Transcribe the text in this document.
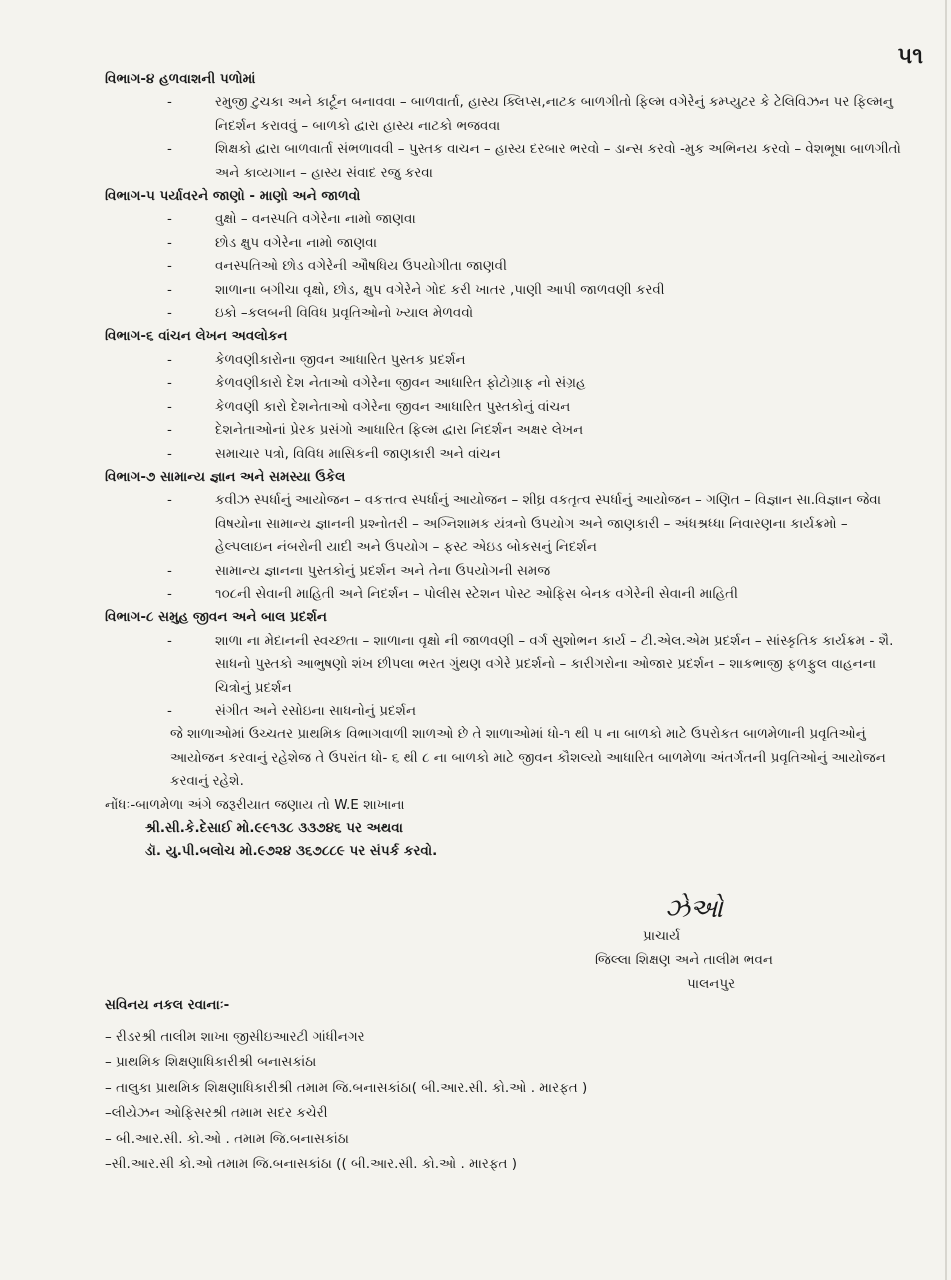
૫૧
વિભાગ-૪ હળવાશની પળોમાં
-	રમુજી ટુચકા અને કાર્ટૂન બનાવવા – બાળવાર્તા, હાસ્ય ક્લિપ્સ,નાટક બાળગીતો ફિલ્મ વગેરેનું કમ્પ્યુટર કે ટેલિવિઝન પર ફિલ્મનુ નિદર્શન કરાવવું – બાળકો દ્વારા હાસ્ય નાટકો ભજવવા
-	શિક્ષકો દ્વારા બાળવાર્તા સંભળાવવી – પુસ્તક વાચન – હાસ્ય દરબાર ભરવો – ડાન્સ કરવો -મુક અભિનય કરવો – વેશભૂષા બાળગીતો અને કાવ્યગાન – હાસ્ય સંવાદ રજુ કરવા
વિભાગ-૫ પર્યાવરને જાણો - માણો અને જાળવો
-	વુક્ષો – વનસ્પતિ વગેરેના નામો જાણવા
-	છોડ ક્ષુપ વગેરેના નામો જાણવા
-	વનસ્પતિઓ છોડ વગેરેની ઔષધિય ઉપયોગીતા જાણવી
-	શાળાના બગીચા વૃક્ષો, છોડ, ક્ષુપ વગેરેને ગોદ કરી ખાતર ,પાણી આપી જાળવણી કરવી
-	ઇકો –કલબની વિવિધ પ્રવૃતિઓનો ખ્યાલ મેળવવો
વિભાગ-૬ વાંચન લેખન અવલોકન
-	કેળવણીકારોના જીવન આધારિત પુસ્તક પ્રદર્શન
-	કેળવણીકારો દેશ નેતાઓ વગેરેના જીવન આધારિત ફોટોગ્રાફ નો સંગ્રહ
-	કેળવણી કારો દેશનેતાઓ વગેરેના જીવન આધારિત પુસ્તકોનું વાંચન
-	દેશનેતાઓનાં પ્રેરક પ્રસંગો આધારિત ફિલ્મ દ્વારા નિદર્શન અક્ષર લેખન
-	સમાચાર પત્રો, વિવિધ માસિકની જાણકારી અને વાંચન
વિભાગ-૭ સામાન્ય જ્ઞાન અને સમસ્યા ઉકેલ
-	કવીઝ સ્પર્ધાનું આયોજન – વકત્તત્વ સ્પર્ધાનું આયોજન – શીઘ્ર વકતૃત્વ સ્પર્ધાનું આયોજન – ગણિત – વિજ્ઞાન સા.વિજ્ઞાન જેવા વિષયોના સામાન્ય જ્ઞાનની પ્રશ્નોતરી – અગ્નિશામક યંત્રનો ઉપયોગ અને જાણકારી – અંધશ્રધ્ધા નિવારણના કાર્યક્રમો – હેલ્પલાઇન નંબરોની યાદી અને ઉપયોગ – ફસ્ટ એઇડ બોકસનું નિદર્શન
-	સામાન્ય જ્ઞાનના પુસ્તકોનું પ્રદર્શન અને તેના ઉપયોગની સમજ
-	૧૦૮ની સેવાની માહિતી અને નિદર્શન – પોલીસ સ્ટેશન પોસ્ટ ઓફિસ બેનક વગેરેની સેવાની માહિતી
વિભાગ-૮ સમુહ જીવન અને બાલ પ્રદર્શન
-	શાળા ના મેદાનની સ્વચ્છતા – શાળાના વૃક્ષો ની જાળવણી – વર્ગ સુશોભન કાર્ય – ટી.એલ.એમ પ્રદર્શન – સાંસ્કૃતિક કાર્યક્રમ - શૈ. સાધનો પુસ્તકો આભુષણો શંખ છીપલા ભરત ગુંથણ વગેરે પ્રદર્શનો – કારીગરોના ઓજાર પ્રદર્શન – શાકભાજી ફળફુલ વાહનના ચિત્રોનું પ્રદર્શન
-	સંગીત અને રસોઇના સાધનોનું પ્રદર્શન
જે શાળાઓમાં ઉચ્ચતર પ્રાથમિક વિભાગવાળી શાળઓ છે તે શાળાઓમાં ધો-૧ થી ૫ ના બાળકો માટે ઉપરોકત બાળમેળાની પ્રવૃતિઓનું આયોજન કરવાનું રહેશેજ તે ઉપરાંત ધો- ૬ થી ૮ ના બાળકો માટે જીવન કૌશલ્યો આધારિત બાળમેળા અંતર્ગતની પ્રવૃતિઓનું આયોજન કરવાનું રહેશે.
નોંધઃ-બાળમેળા અંગે જરૂરીયાત જણાય તો W.E શાખાના
શ્રી.સી.કે.દેસાઈ મો.૯૯૧૩૮ ૩૩૭૪૬ પર અથવા
ડૉ. યુ.પી.બલોચ મો.૯૭૨૪ ૩૬૭૮૮૯ પર સંપર્ક કરવો.
ઝેઓ
પ્રાચાર્ય
જિલ્લા શિક્ષણ અને તાલીમ ભવન
પાલનપુર
સવિનય નકલ રવાનાઃ-
– રીડરશ્રી તાલીમ શાખા જીસીઇઆરટી ગાંધીનગર
– પ્રાથમિક શિક્ષણાધિકારીશ્રી બનાસકાંઠા
– તાલુકા પ્રાથમિક શિક્ષણાધિકારીશ્રી તમામ જિ.બનાસકાંઠા( બી.આર.સી. કો.ઓ . મારફત )
–લીયેઝન ઓફિસરશ્રી તમામ સદર કચેરી
– બી.આર.સી. કો.ઓ . તમામ જિ.બનાસકાંઠા
–સી.આર.સી કો.ઓ તમામ જિ.બનાસકાંઠા (( બી.આર.સી. કો.ઓ . મારફત )
